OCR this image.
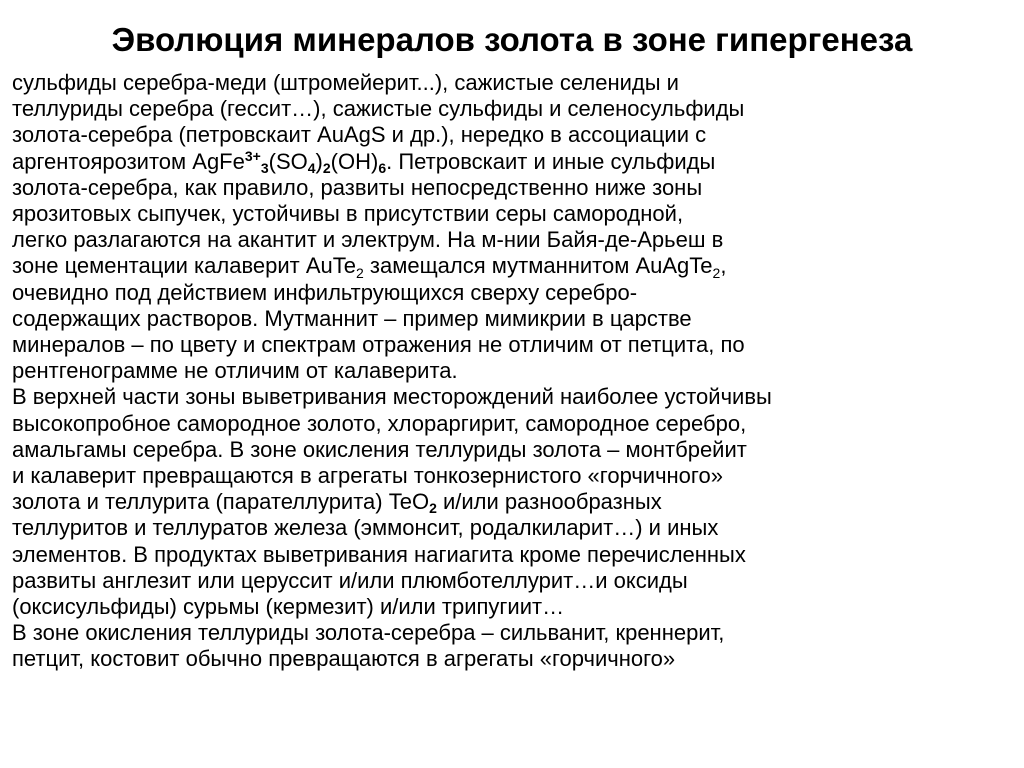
Эволюция минералов золота в зоне гипергенеза

сульфиды серебра-меди (штромейерит...), сажистые селениды и
теллуриды серебра (гессит…), сажистые сульфиды и селеносульфиды
золота-серебра (петровскаит AuAgS и др.), нередко в ассоциации с
аргентоярозитом $AgFe^{3+}_3(SO_4)_2(OH)_6$. Петровскаит и иные сульфиды
золота-серебра, как правило, развиты непосредственно ниже зоны
ярозитовых сыпучек, устойчивы в присутствии серы самородной,
легко разлагаются на акантит и электрум. На м-нии Байя-де-Арьеш в
зоне цементации калаверит AuTe$_2$ замещался мутманнитом AuAgTe$_2$,
очевидно под действием инфильтрующихся сверху серебро-
содержащих растворов. Мутманнит – пример мимикрии в царстве
минералов – по цвету и спектрам отражения не отличим от петцита, по
рентгенограмме не отличим от калаверита.

В верхней части зоны выветривания месторождений наиболее устойчивы
высокопробное самородное золото, хлораргирит, самородное серебро,
амальгамы серебра. В зоне окисления теллуриды золота – монтбрейит
и калаверит превращаются в агрегаты тонкозернистого «горчичного»
золота и теллурита (парателлурита) TeO$_2$ и/или разнообразных
теллуритов и теллуратов железа (эммонсит, родалкиларит…) и иных
элементов. В продуктах выветривания нагиагита кроме перечисленных
развиты англезит или церуссит и/или плюмботеллурит…и оксиды
(оксисульфиды) сурьмы (кермезит) и/или трипугиит…

В зоне окисления теллуриды золота-серебра – сильванит, креннерит,
петцит, костовит обычно превращаются в агрегаты «горчичного»
